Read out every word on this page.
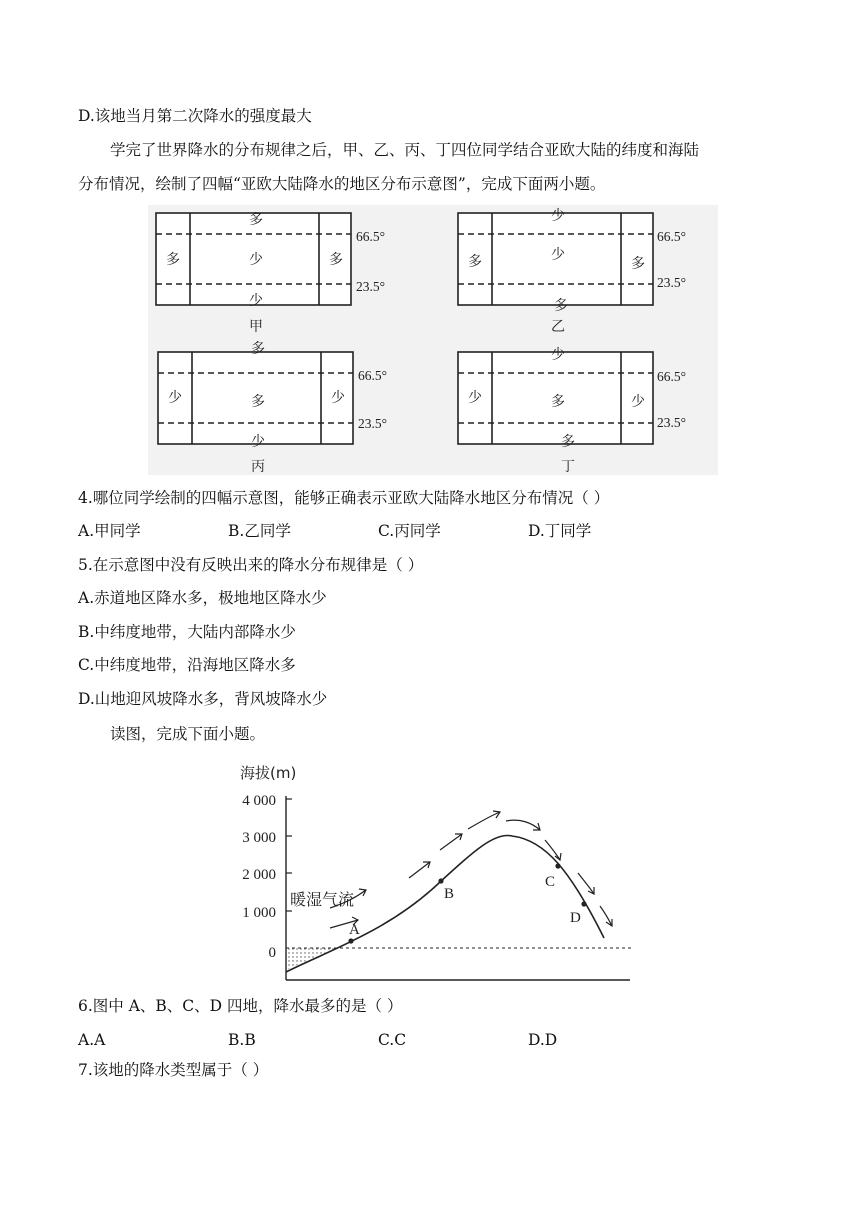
D.该地当月第二次降水的强度最大
学完了世界降水的分布规律之后，甲、乙、丙、丁四位同学结合亚欧大陆的纬度和海陆
分布情况，绘制了四幅“亚欧大陆降水的地区分布示意图”，完成下面两小题。
多
多	少	多
少
66.5°
23.5°
甲
少
多	少
多
多
66.5°
23.5°
乙
多
少	多	少
少
66.5°
23.5°
丙
少
少	多	少
多
66.5°
23.5°
丁
4.哪位同学绘制的四幅示意图，能够正确表示亚欧大陆降水地区分布情况（ ）
A.甲同学	B.乙同学	C.丙同学	D.丁同学
5.在示意图中没有反映出来的降水分布规律是（ ）
A.赤道地区降水多，极地地区降水少
B.中纬度地带，大陆内部降水少
C.中纬度地带，沿海地区降水多
D.山地迎风坡降水多，背风坡降水少
读图，完成下面小题。
海拔(m)
4 000
3 000
2 000
1 000
0
A
B
C
D
暖湿气流
6.图中 A、B、C、D 四地，降水最多的是（ ）
A.A	B.B	C.C	D.D
7.该地的降水类型属于（ ）
